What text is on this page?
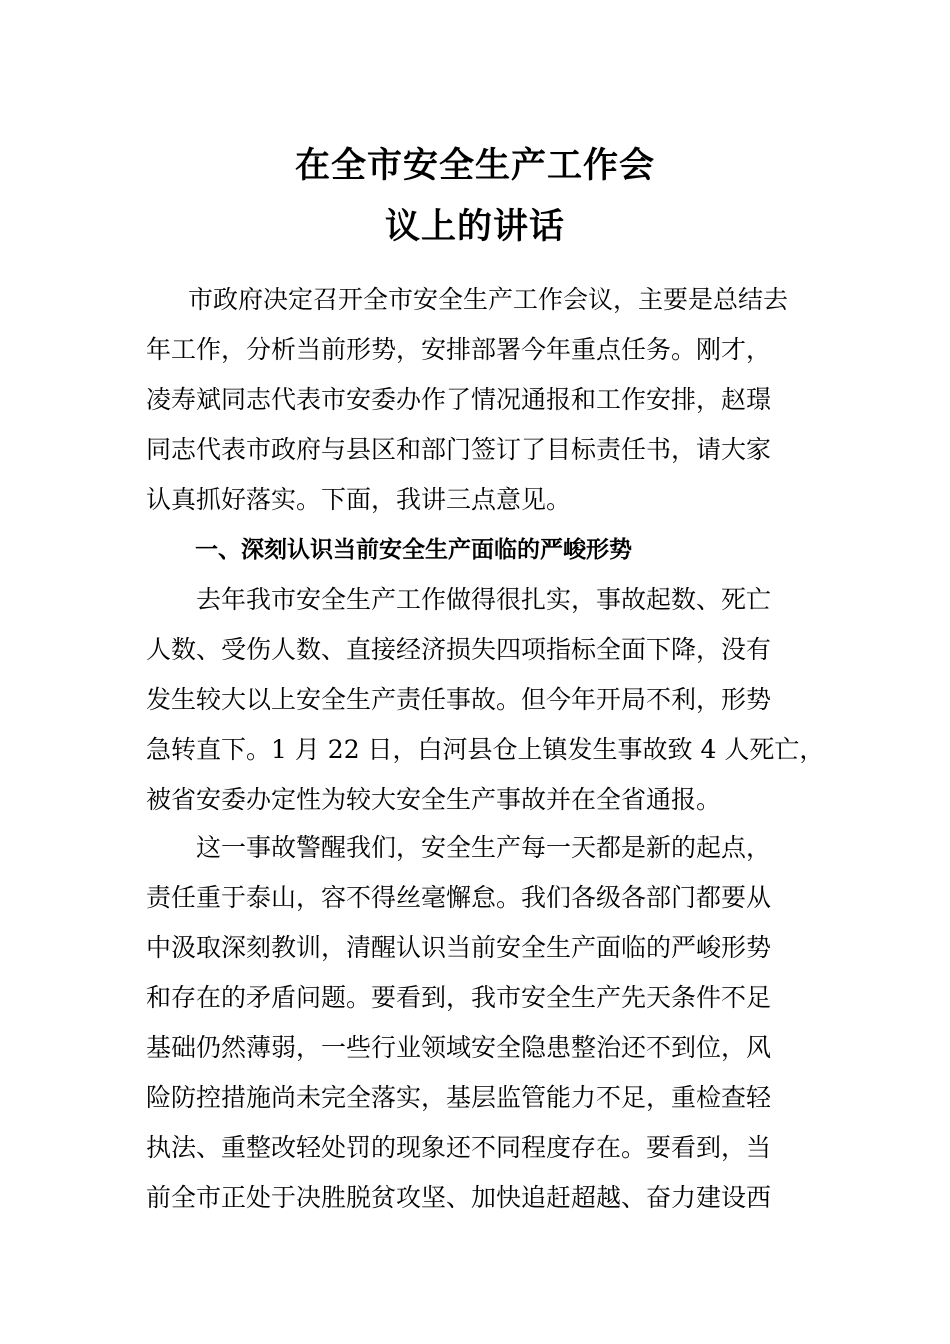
在全市安全生产工作会
议上的讲话
市政府决定召开全市安全生产工作会议，主要是总结去
年工作，分析当前形势，安排部署今年重点任务。刚才，
凌寿斌同志代表市安委办作了情况通报和工作安排，赵璟
同志代表市政府与县区和部门签订了目标责任书，请大家
认真抓好落实。下面，我讲三点意见。
一、深刻认识当前安全生产面临的严峻形势
去年我市安全生产工作做得很扎实，事故起数、死亡
人数、受伤人数、直接经济损失四项指标全面下降，没有
发生较大以上安全生产责任事故。但今年开局不利，形势
急转直下。1 月 22 日，白河县仓上镇发生事故致 4 人死亡，
被省安委办定性为较大安全生产事故并在全省通报。
这一事故警醒我们，安全生产每一天都是新的起点，
责任重于泰山，容不得丝毫懈怠。我们各级各部门都要从
中汲取深刻教训，清醒认识当前安全生产面临的严峻形势
和存在的矛盾问题。要看到，我市安全生产先天条件不足
基础仍然薄弱，一些行业领域安全隐患整治还不到位，风
险防控措施尚未完全落实，基层监管能力不足，重检查轻
执法、重整改轻处罚的现象还不同程度存在。要看到，当
前全市正处于决胜脱贫攻坚、加快追赶超越、奋力建设西
